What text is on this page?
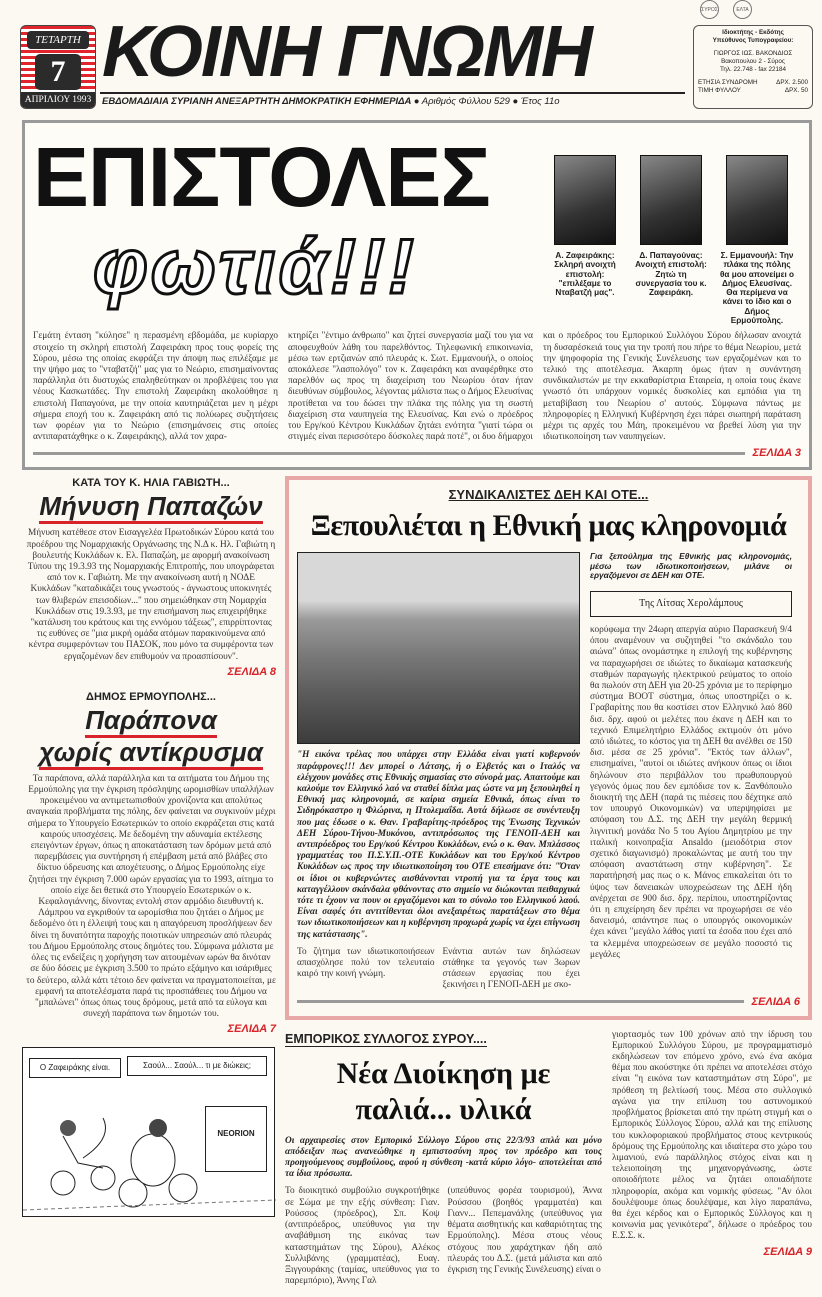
ΣΥΡΟΣ	ΕΛΤΑ
ΤΕΤΑΡΤΗ
7
ΑΠΡΙΛΙΟΥ 1993
ΚΟΙΝΗ ΓΝΩΜΗ
ΕΒΔΟΜΑΔΙΑΙΑ ΣΥΡΙΑΝΗ ΑΝΕΞΑΡΤΗΤΗ ΔΗΜΟΚΡΑΤΙΚΗ ΕΦΗΜΕΡΙΔΑ ● Αριθμός Φύλλου 529 ● Έτος 11ο
Ιδιοκτήτης - Εκδότης
Υπεύθυνος Τυπογραφείου:
ΓΙΩΡΓΟΣ ΙΩΣ. ΒΑΚΟΝΔΙΟΣ
Βακοπουλου 2 - Σύρος
Τηλ. 22.748 - fax 22184
ΕΤΗΣΙΑ ΣΥΝΔΡΟΜΗ	ΔΡΧ. 2.500
ΤΙΜΗ ΦΥΛΛΟΥ	ΔΡΧ. 50
ΕΠΙΣΤΟΛΕΣ
φωτιά!!!	Α. Ζαφειράκης: Σκληρή ανοιχτή επιστολή: "επιλέξαμε το Νταβατζή μας".
Δ. Παπαγούνας: Ανοιχτή επιστολή: Ζητώ τη συνεργασία του κ. Ζαφειράκη.
Σ. Εμμανουήλ: Την πλάκα της πόλης θα μου απονείμει ο Δήμος Ελευσίνας. Θα περίμενα να κάνει το ίδιο και ο Δήμος Ερμούπολης.
Γεμάτη ένταση "κύλησε" η περασμένη εβδομάδα, με κυρίαρχο στοιχείο τη σκληρή επιστολή Ζαφειράκη προς τους φορείς της Σύρου, μέσω της οποίας εκφράζει την άποψη πως επιλέξαμε με την ψήφο μας το "νταβατζή" μας για το Νεώριο, επισημαίνοντας παράλληλα ότι δυστυχώς επαληθεύτηκαν οι προβλέψεις του για νέους Κασκωτάδες. Την επιστολή Ζαφειράκη ακολούθησε η επιστολή Παπαγούνα, με την οποία καυτηριάζεται μεν η μέχρι σήμερα εποχή του κ. Ζαφειράκη από τις πολύωρες συζητήσεις των φορέων για το Νεώριο (επισημάνσεις στις οποίες αντιπαρατάχθηκε ο κ. Ζαφειράκης), αλλά τον χαρα-
κτηρίζει "έντιμο άνθρωπο" και ζητεί συνεργασία μαζί του για να αποφευχθούν λάθη του παρελθόντος. Τηλεφωνική επικοινωνία, μέσω των ερτζιανών από πλευράς κ. Σωτ. Εμμανουήλ, ο οποίος αποκάλεσε "λασπολόγο" τον κ. Ζαφειράκη και αναφέρθηκε στο παρελθόν ως προς τη διαχείριση του Νεωρίου όταν ήταν διευθύνων σύμβουλος, λέγοντας μάλιστα πως ο Δήμος Ελευσίνας προτίθεται να του δώσει την πλάκα της πόλης για τη σωστή διαχείριση στα ναυπηγεία της Ελευσίνας. Και ενώ ο πρόεδρος του Εργ/κού Κέντρου Κυκλάδων ζητάει ενότητα "γιατί τώρα οι στιγμές είναι περισσότερο δύσκολες παρά ποτέ", οι δυο δήμαρχοι
και ο πρόεδρος του Εμπορικού Συλλόγου Σύρου δήλωσαν ανοιχτά τη δυσαρέσκειά τους για την τροπή που πήρε το θέμα Νεωρίου, μετά την ψηφοφορία της Γενικής Συνέλευσης των εργαζομένων και το τελικό της αποτέλεσμα. Άκαρπη όμως ήταν η συνάντηση συνδικαλιστών με την εκκαθαρίστρια Εταιρεία, η οποία τους έκανε γνωστό ότι υπάρχουν νομικές δυσκολίες και εμπόδια για τη μεταβίβαση του Νεωρίου σ' αυτούς. Σύμφωνα πάντως με πληροφορίες η Ελληνική Κυβέρνηση έχει πάρει σιωπηρή παράταση μέχρι τις αρχές του Μάη, προκειμένου να βρεθεί λύση για την ιδιωτικοποίηση των ναυπηγείων.
ΣΕΛΙΔΑ 3
ΚΑΤΑ ΤΟΥ Κ. ΗΛΙΑ ΓΑΒΙΩΤΗ...
Μήνυση Παπαζών
Μήνυση κατέθεσε στον Εισαγγελέα Πρωτοδικών Σύρου κατά του προέδρου της Νομαρχιακής Οργάνωσης της Ν.Δ κ. Ηλ. Γαβιώτη η βουλευτής Κυκλάδων κ. Ελ. Παπαζώη, με αφορμή ανακοίνωση Τύπου της 19.3.93 της Νομαρχιακής Επιτροπής, που υπογράφεται από τον κ. Γαβιώτη. Με την ανακοίνωση αυτή η ΝΟΔΕ Κυκλάδων "καταδικάζει τους γνωστούς - άγνωστους υποκινητές των θλιβερών επεισοδίων..." που σημειώθηκαν στη Νομαρχία Κυκλάδων στις 19.3.93, με την επισήμανση πως επιχειρήθηκε "κατάλυση του κράτους και της εννόμου τάξεως", επιρρίπτοντας τις ευθύνες σε "μια μικρή ομάδα ατόμων παρακινούμενα από κέντρα συμφερόντων του ΠΑΣΟΚ, που μόνο τα συμφέροντα των εργαζομένων δεν επιθυμούν να προασπίσουν".
ΣΕΛΙΔΑ 8
ΔΗΜΟΣ ΕΡΜΟΥΠΟΛΗΣ...
Παράπονα
χωρίς αντίκρυσμα
Τα παράπονα, αλλά παράλληλα και τα αιτήματα του Δήμου της Ερμούπολης για την έγκριση πρόσληψης ωρομισθίων υπαλλήλων προκειμένου να αντιμετωπισθούν χρονίζοντα και απολύτως αναγκαία προβλήματα της πόλης, δεν φαίνεται να συγκινούν μέχρι σήμερα το Υπουργείο Εσωτερικών το οποίο εκφράζεται στις κατά καιρούς υποσχέσεις. Με δεδομένη την αδυναμία εκτέλεσης επειγόντων έργων, όπως η αποκατάσταση των δρόμων μετά από παρεμβάσεις για συντήρηση ή επέμβαση μετά από βλάβες στο δίκτυο ύδρευσης και αποχέτευσης, ο Δήμος Ερμούπολης είχε ζητήσει την έγκριση 7.000 ωρών εργασίας για το 1993, αίτημα το οποίο είχε δει θετικά στο Υπουργείο Εσωτερικών ο κ. Κεφαλογιάννης, δίνοντας εντολή στον αρμόδιο διευθυντή κ. Λάμπρου να εγκριθούν τα ωρομίσθια που ζητάει ο Δήμος με δεδομένο ότι η έλλειψή τους και η απαγόρευση προσλήψεων δεν δίνει τη δυνατότητα παροχής ποιοτικών υπηρεσιών από πλευράς του Δήμου Ερμούπολης στους δημότες του. Σύμφωνα μάλιστα με όλες τις ενδείξεις η χορήγηση των αιτουμένων ωρών θα δινόταν σε δύο δόσεις με έγκριση 3.500 το πρώτο εξάμηνο και ισάριθμες το δεύτερο, αλλά κάτι τέτοιο δεν φαίνεται να πραγματοποιείται, με εμφανή τα αποτελέσματα παρά τις προσπάθειες του Δήμου να "μπαλώνει" όπως όπως τους δρόμους, μετά από τα εύλογα και συνεχή παράπονα των δημοτών του.
ΣΕΛΙΔΑ 7
Ο Ζαφειράκης είναι.	Σαούλ... Σαούλ... τι με διώκεις;
NEORION
ΣΥΝΔΙΚΑΛΙΣΤΕΣ ΔΕΗ ΚΑΙ ΟΤΕ...
Ξεπουλιέται η Εθνική μας κληρονομιά
"Η εικόνα τρέλας που υπάρχει στην Ελλάδα είναι γιατί κυβερνούν παράφρονες!!! Δεν μπορεί ο Λάτσης, ή ο Ελβετός και ο Ιταλός να ελέγχουν μονάδες στις Εθνικής σημασίας στο σύνορά μας. Απαιτούμε και καλούμε τον Ελληνικό λαό να σταθεί δίπλα μας ώστε να μη ξεπουληθεί η Εθνική μας κληρονομιά, σε καίρια σημεία Εθνικά, όπως είναι το Σιδηρόκαστρο η Φλώρινα, η Πτολεμαΐδα. Αυτά δήλωσε σε συνέντευξη που μας έδωσε ο κ. Θαν. Γραβαρίτης-πρόεδρος της Ένωσης Τεχνικών ΔΕΗ Σύρου-Τήνου-Μυκόνου, αντιπρόσωπος της ΓΕΝΟΠ-ΔΕΗ και αντιπρόεδρος του Εργ/κού Κέντρου Κυκλάδων, ενώ ο κ. Θαν. Μπλάσσος γραμματέας του Π.Σ.Υ.Π.-ΟΤΕ Κυκλάδων και του Εργ/κού Κέντρου Κυκλάδων ως προς την ιδιωτικοποίηση του ΟΤΕ επεσήμανε ότι: "Όταν οι ίδιοι οι κυβερνώντες αισθάνονται ντροπή για τα έργα τους και καταγγέλλουν σκάνδαλα φθάνοντας στο σημείο να διώκονται πειθαρχικά τότε τι έχουν να πουν οι εργαζόμενοι και το σύνολο του Ελληνικού λαού. Είναι σαφές ότι αντιτίθενται όλοι ανεξαιρέτως παρατάξεων στο θέμα των ιδιωτικοποιήσεων και η κυβέρνηση προχωρά χωρίς να έχει επίγνωση της κατάστασης".
Το ζήτημα των ιδιωτικοποιήσεων απασχόλησε πολύ τον τελευταίο καιρό την κοινή γνώμη.
Ενάντια αυτών των δηλώσεων στάθηκε τα γεγονός των 3ωρων στάσεων εργασίας που έχει ξεκινήσει η ΓΕΝΟΠ-ΔΕΗ με σκο-
Για ξεπούλημα της Εθνικής μας κληρονομιάς, μέσω των ιδιωτικοποιήσεων, μιλάνε οι εργαζόμενοι σε ΔΕΗ και ΟΤΕ.
Της Λίτσας Χερολάμπους
κορύφωμα την 24ωρη απεργία αύριο Παρασκευή 9/4 όπου αναμένουν να συζητηθεί "το σκάνδαλο του αιώνα" όπως ονομάστηκε η επιλογή της κυβέρνησης να παραχωρήσει σε ιδιώτες το δικαίωμα κατασκευής σταθμών παραγωγής ηλεκτρικού ρεύματος το οποίο θα πωλούν στη ΔΕΗ για 20-25 χρόνια με το περίφημο σύστημα ΒΟΟΤ σύστημα, όπως υποστηρίζει ο κ. Γραβαρίτης που θα κοστίσει στον Ελληνικό λαό 860 δισ. δρχ. αφού οι μελέτες που έκανε η ΔΕΗ και το τεχνικό Επιμελητήριο Ελλάδος εκτιμούν ότι μόνο από ιδιώτες, το κόστος για τη ΔΕΗ θα ανέλθει σε 150 δισ. μέσα σε 25 χρόνια". "Εκτός των άλλων", επισημαίνει, "αυτοί οι ιδιώτες ανήκουν όπως οι ίδιοι δηλώνουν στο περιβάλλον του πρωθυπουργού γεγονός όμως που δεν εμπόδισε τον κ. Ξανθόπουλο διοικητή της ΔΕΗ (παρά τις πιέσεις που δέχτηκε από τον υπουργό Οικονομικών) να υπερψηφίσει με απόφαση του Δ.Σ. της ΔΕΗ την μεγάλη θερμική λιγνιτική μονάδα No 5 του Αγίου Δημητρίου με την ιταλική κοινοπραξία Ansaldo (μειοδότρια στον σχετικό διαγωνισμό) προκαλώντας με αυτή του την απόφαση αναστάτωση στην κυβέρνηση". Σε παρατήρησή μας πως ο κ. Μάνος επικαλείται ότι το ύψος των δανειακών υποχρεώσεων της ΔΕΗ ήδη ανέρχεται σε 900 δισ. δρχ. περίπου, υποστηρίζοντας ότι η επιχείρηση δεν πρέπει να προχωρήσει σε νέο δανεισμό, απάντησε πως ο υπουργός οικονομικών έχει κάνει "μεγάλο λάθος γιατί τα έσοδα που έχει από τα κλεμμένα υποχρεώσεων σε μεγάλο ποσοστό τις μεγάλες
ΣΕΛΙΔΑ 6
ΕΜΠΟΡΙΚΟΣ ΣΥΛΛΟΓΟΣ ΣΥΡΟΥ....
Νέα Διοίκηση με παλιά... υλικά
Οι αρχαιρεσίες στον Εμπορικό Σύλλογο Σύρου στις 22/3/93 απλά και μόνο απόδειξαν πως ανανεώθηκε η εμπιστοσύνη προς τον πρόεδρο και τους προηγούμενους συμβούλους, αφού η σύνθεση -κατά κύριο λόγο- αποτελείται από τα ίδια πρόσωπα.
Το διοικητικό συμβούλιο συγκροτήθηκε σε Σώμα με την εξής σύνθεση: Γιαν. Ρούσσος (πρόεδρος), Σπ. Κοψ (αντιπρόεδρος, υπεύθυνος για την αναβάθμιση της εικόνας των καταστημάτων της Σύρου), Αλέκος Συλλιβάνης (γραμματέας), Ευαγ. Ξιγγουράκης (ταμίας, υπεύθυνος για το παρεμπόριο), Άννης Γαλ
(υπεύθυνος φορέα τουρισμού), Άννα Ρούσσου (βοηθός γραμματέα) και Γιανν... Πεπεμανάλης (υπεύθυνος για θέματα αισθητικής και καθαριότητας της Ερμούπολης). Μέσα στους νέους στόχους που χαράχτηκαν ήδη από πλευράς του Δ.Σ. (μετά μάλιστα και από έγκριση της Γενικής Συνέλευσης) είναι ο
γιορτασμός των 100 χρόνων από την ίδρυση του Εμπορικού Συλλόγου Σύρου, με προγραμματισμό εκδηλώσεων τον επόμενο χρόνο, ενώ ένα ακόμα θέμα που ακούστηκε ότι πρέπει να αποτελέσει στόχο είναι "η εικόνα των καταστημάτων στη Σύρο", με πρόθεση τη βελτίωσή τους. Μέσα στο συλλογικό αγώνα για την επίλυση του αστυνομικού προβλήματος βρίσκεται από την πρώτη στιγμή και ο Εμπορικός Σύλλογος Σύρου, αλλά και της επίλυσης του κυκλοφοριακού προβλήματος στους κεντρικούς δρόμους της Ερμούπολης και ιδιαίτερα στο χώρο του λιμανιού, ενώ παράλληλος στόχος είναι και η τελειοποίηση της μηχανοργάνωσης, ώστε οποιοδήποτε μέλος να ζητάει οποιαδήποτε πληροφορία, ακόμα και νομικής φύσεως. "Αν όλοι δουλέψουμε όπως δουλέψαμε, και λίγο παραπάνω, θα έχει κέρδος και ο Εμπορικός Σύλλογος και η κοινωνία μας γενικότερα", δήλωσε ο πρόεδρος του Ε.Σ.Σ. κ.
ΣΕΛΙΔΑ 9
